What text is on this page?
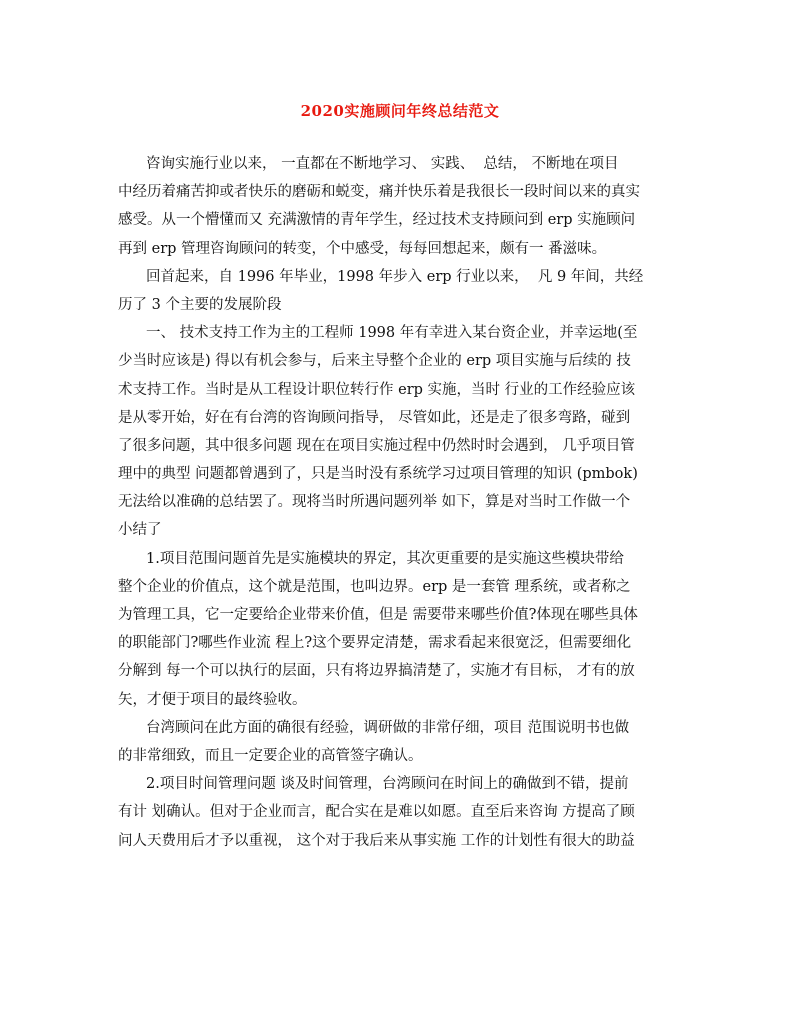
2020实施顾问年终总结范文
咨询实施行业以来， 一直都在不断地学习、 实践、  总结， 不断地在项目
中经历着痛苦抑或者快乐的磨砺和蜕变，痛并快乐着是我很长一段时间以来的真实
感受。从一个懵懂而又 充满激情的青年学生，经过技术支持顾问到 erp 实施顾问
再到 erp 管理咨询顾问的转变，个中感受，每每回想起来，颇有一 番滋味。
回首起来，自 1996 年毕业，1998 年步入 erp 行业以来，  凡 9 年间，共经
历了 3 个主要的发展阶段
一、 技术支持工作为主的工程师 1998 年有幸进入某台资企业，并幸运地(至
少当时应该是) 得以有机会参与，后来主导整个企业的 erp 项目实施与后续的 技
术支持工作。当时是从工程设计职位转行作 erp 实施，当时 行业的工作经验应该
是从零开始，好在有台湾的咨询顾问指导， 尽管如此，还是走了很多弯路，碰到
了很多问题，其中很多问题 现在在项目实施过程中仍然时时会遇到， 几乎项目管
理中的典型 问题都曾遇到了，只是当时没有系统学习过项目管理的知识 (pmbok)
无法给以准确的总结罢了。现将当时所遇问题列举 如下，算是对当时工作做一个
小结了
1.项目范围问题首先是实施模块的界定，其次更重要的是实施这些模块带给
整个企业的价值点，这个就是范围，也叫边界。erp 是一套管 理系统，或者称之
为管理工具，它一定要给企业带来价值，但是 需要带来哪些价值?体现在哪些具体
的职能部门?哪些作业流 程上?这个要界定清楚，需求看起来很宽泛，但需要细化
分解到 每一个可以执行的层面，只有将边界搞清楚了，实施才有目标， 才有的放
矢，才便于项目的最终验收。
台湾顾问在此方面的确很有经验，调研做的非常仔细，项目 范围说明书也做
的非常细致，而且一定要企业的高管签字确认。
2.项目时间管理问题 谈及时间管理，台湾顾问在时间上的确做到不错，提前
有计 划确认。但对于企业而言，配合实在是难以如愿。直至后来咨询 方提高了顾
问人天费用后才予以重视， 这个对于我后来从事实施 工作的计划性有很大的助益
